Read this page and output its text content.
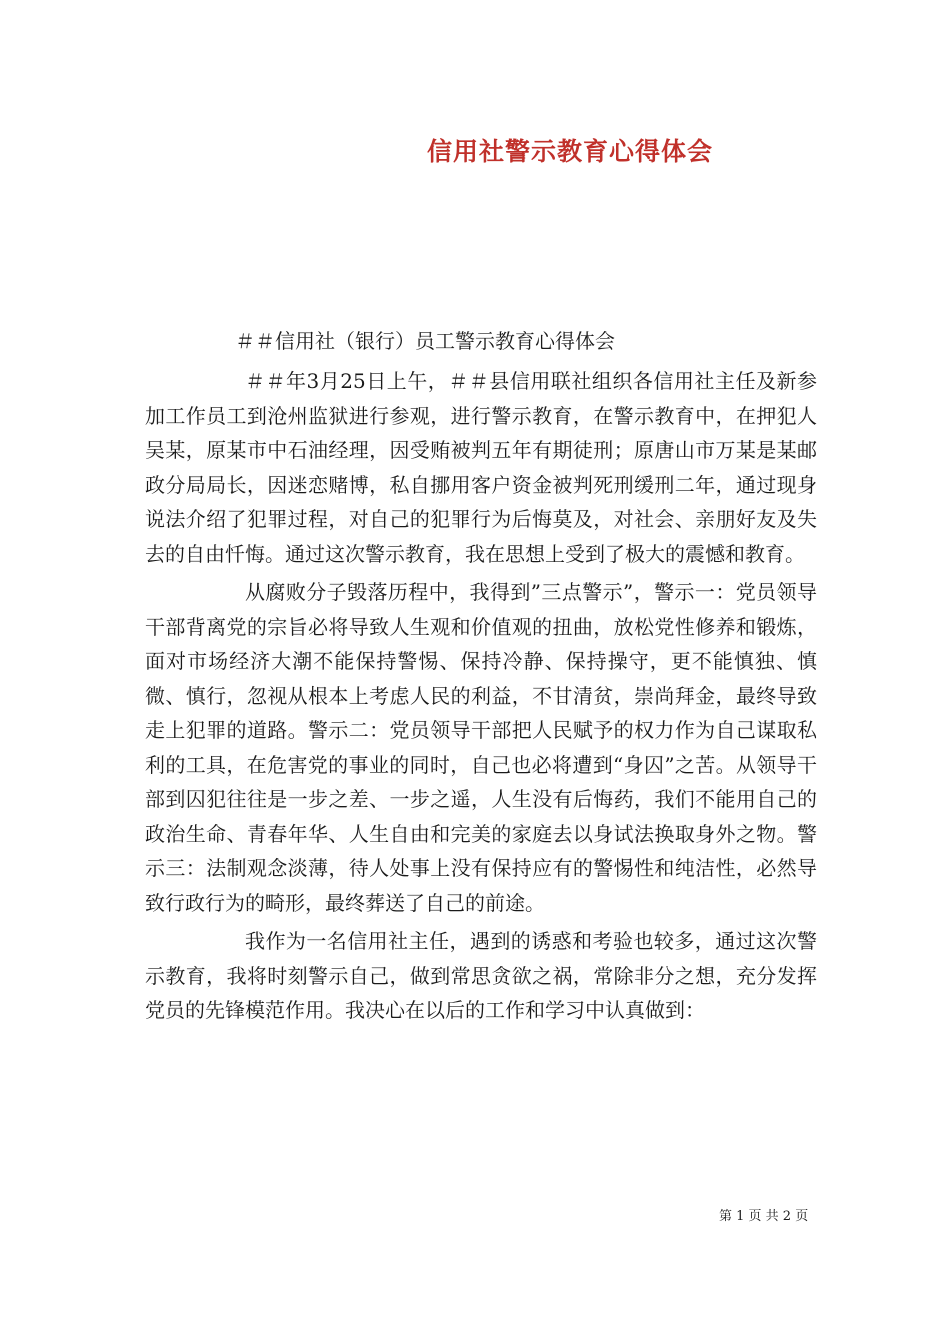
信用社警示教育心得体会
＃＃信用社（银行）员工警示教育心得体会

＃＃年3月25日上午，＃＃县信用联社组织各信用社主任及新参加工作员工到沧州监狱进行参观，进行警示教育，在警示教育中，在押犯人吴某，原某市中石油经理，因受贿被判五年有期徒刑；原唐山市万某是某邮政分局局长，因迷恋赌博，私自挪用客户资金被判死刑缓刑二年，通过现身说法介绍了犯罪过程，对自己的犯罪行为后悔莫及，对社会、亲朋好友及失去的自由忏悔。通过这次警示教育，我在思想上受到了极大的震憾和教育。

从腐败分子毁落历程中，我得到”三点警示”，警示一：党员领导干部背离党的宗旨必将导致人生观和价值观的扭曲，放松党性修养和锻炼，面对市场经济大潮不能保持警惕、保持冷静、保持操守，更不能慎独、慎微、慎行，忽视从根本上考虑人民的利益，不甘清贫，崇尚拜金，最终导致走上犯罪的道路。警示二：党员领导干部把人民赋予的权力作为自己谋取私利的工具，在危害党的事业的同时，自己也必将遭到“身囚”之苦。从领导干部到囚犯往往是一步之差、一步之遥，人生没有后悔药，我们不能用自己的政治生命、青春年华、人生自由和完美的家庭去以身试法换取身外之物。警示三：法制观念淡薄，待人处事上没有保持应有的警惕性和纯洁性，必然导致行政行为的畸形，最终葬送了自己的前途。

我作为一名信用社主任，遇到的诱惑和考验也较多，通过这次警示教育，我将时刻警示自己，做到常思贪欲之祸，常除非分之想，充分发挥党员的先锋模范作用。我决心在以后的工作和学习中认真做到：

第 1 页 共 2 页
